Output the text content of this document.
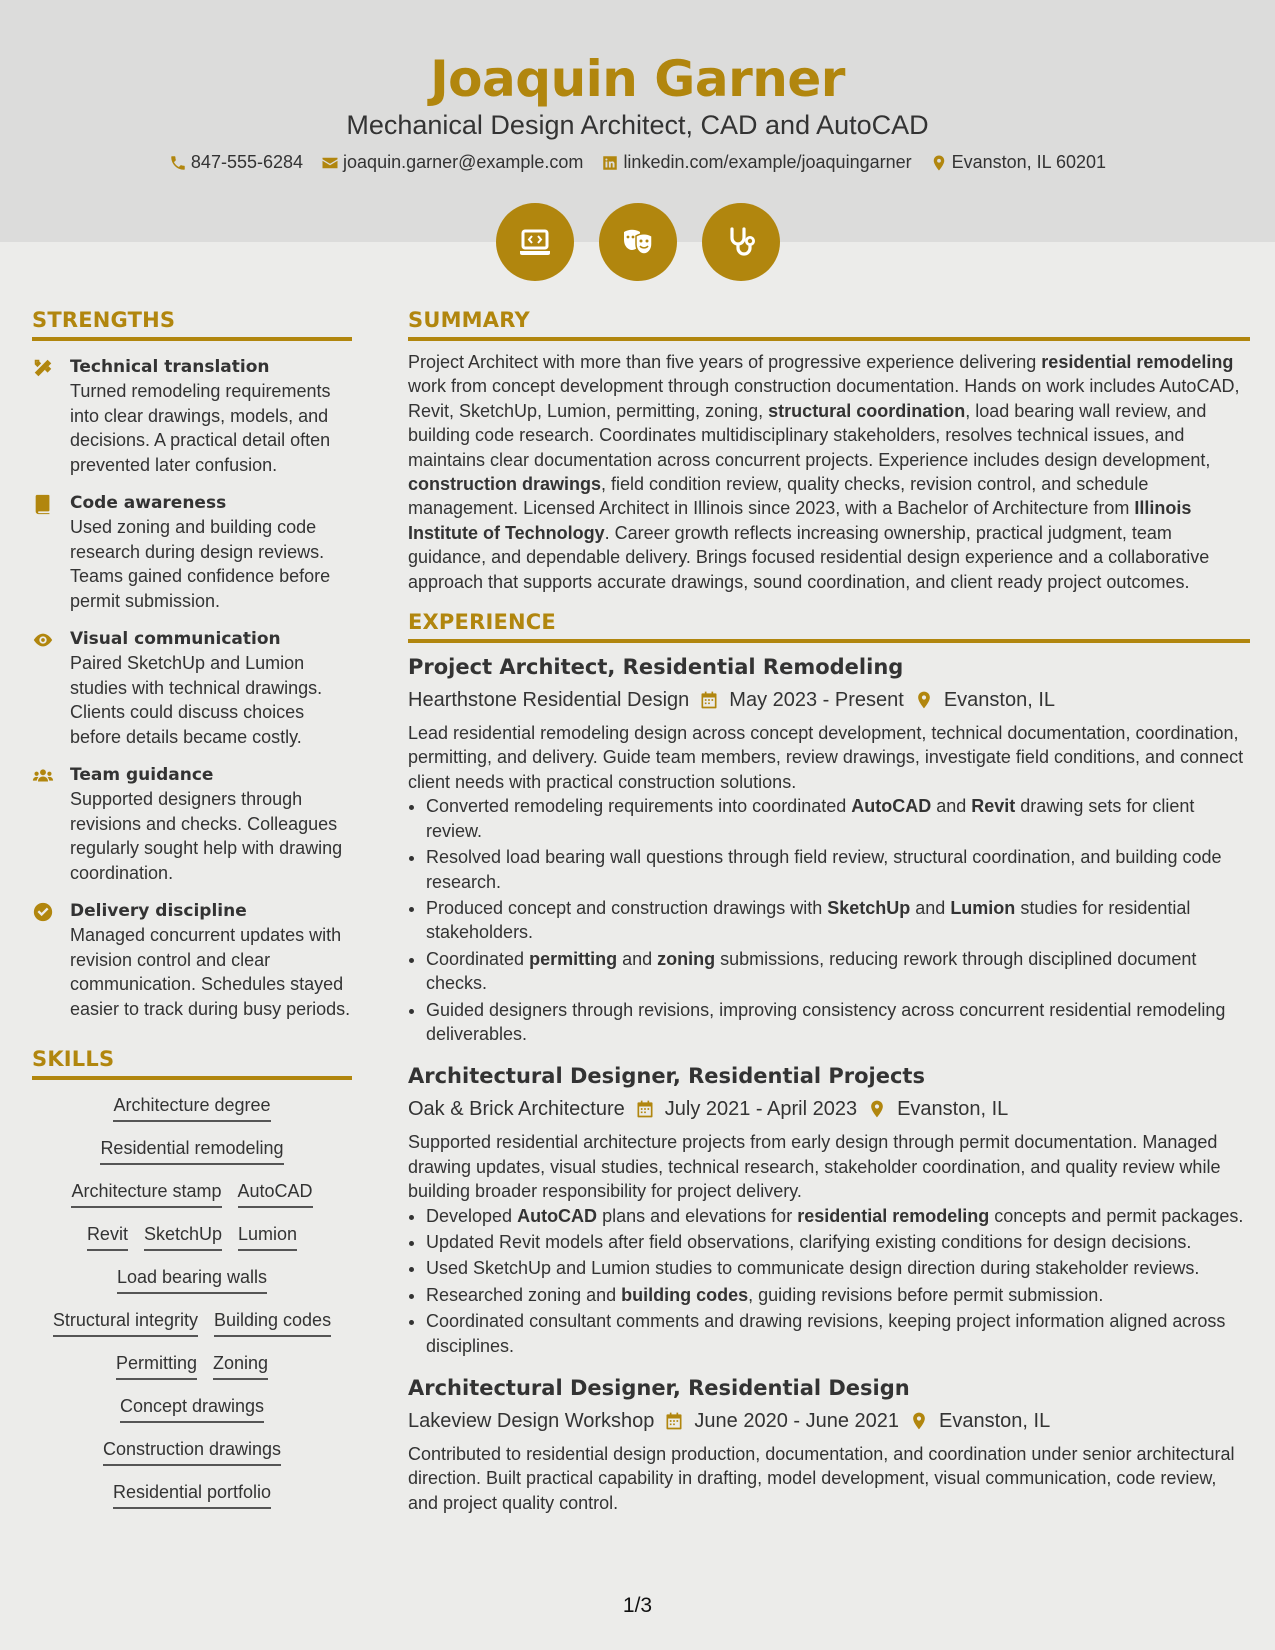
Joaquin Garner
Mechanical Design Architect, CAD and AutoCAD
847-555-6284 joaquin.garner@example.com linkedin.com/example/joaquingarner Evanston, IL 60201
STRENGTHS
Technical translation
Turned remodeling requirements into clear drawings, models, and decisions. A practical detail often prevented later confusion.
Code awareness
Used zoning and building code research during design reviews. Teams gained confidence before permit submission.
Visual communication
Paired SketchUp and Lumion studies with technical drawings. Clients could discuss choices before details became costly.
Team guidance
Supported designers through revisions and checks. Colleagues regularly sought help with drawing coordination.
Delivery discipline
Managed concurrent updates with revision control and clear communication. Schedules stayed easier to track during busy periods.
SKILLS
Architecture degree
Residential remodeling
Architecture stamp AutoCAD
Revit SketchUp Lumion
Load bearing walls
Structural integrity Building codes
Permitting Zoning
Concept drawings
Construction drawings
Residential portfolio
SUMMARY

Project Architect with more than five years of progressive experience delivering residential remodeling work from concept development through construction documentation. Hands on work includes AutoCAD, Revit, SketchUp, Lumion, permitting, zoning, structural coordination, load bearing wall review, and building code research. Coordinates multidisciplinary stakeholders, resolves technical issues, and maintains clear documentation across concurrent projects. Experience includes design development, construction drawings, field condition review, quality checks, revision control, and schedule management. Licensed Architect in Illinois since 2023, with a Bachelor of Architecture from Illinois Institute of Technology. Career growth reflects increasing ownership, practical judgment, team guidance, and dependable delivery. Brings focused residential design experience and a collaborative approach that supports accurate drawings, sound coordination, and client ready project outcomes.

EXPERIENCE
Project Architect, Residential Remodeling
Hearthstone Residential Design May 2023 - Present Evanston, IL
Lead residential remodeling design across concept development, technical documentation, coordination, permitting, and delivery. Guide team members, review drawings, investigate field conditions, and connect client needs with practical construction solutions.
• Converted remodeling requirements into coordinated AutoCAD and Revit drawing sets for client review.
• Resolved load bearing wall questions through field review, structural coordination, and building code research.
• Produced concept and construction drawings with SketchUp and Lumion studies for residential stakeholders.
• Coordinated permitting and zoning submissions, reducing rework through disciplined document checks.
• Guided designers through revisions, improving consistency across concurrent residential remodeling deliverables.
Architectural Designer, Residential Projects
Oak & Brick Architecture July 2021 - April 2023 Evanston, IL
Supported residential architecture projects from early design through permit documentation. Managed drawing updates, visual studies, technical research, stakeholder coordination, and quality review while building broader responsibility for project delivery.
• Developed AutoCAD plans and elevations for residential remodeling concepts and permit packages.
• Updated Revit models after field observations, clarifying existing conditions for design decisions.
• Used SketchUp and Lumion studies to communicate design direction during stakeholder reviews.
• Researched zoning and building codes, guiding revisions before permit submission.
• Coordinated consultant comments and drawing revisions, keeping project information aligned across disciplines.
Architectural Designer, Residential Design
Lakeview Design Workshop June 2020 - June 2021 Evanston, IL
Contributed to residential design production, documentation, and coordination under senior architectural direction. Built practical capability in drafting, model development, visual communication, code review, and project quality control.
1/3
